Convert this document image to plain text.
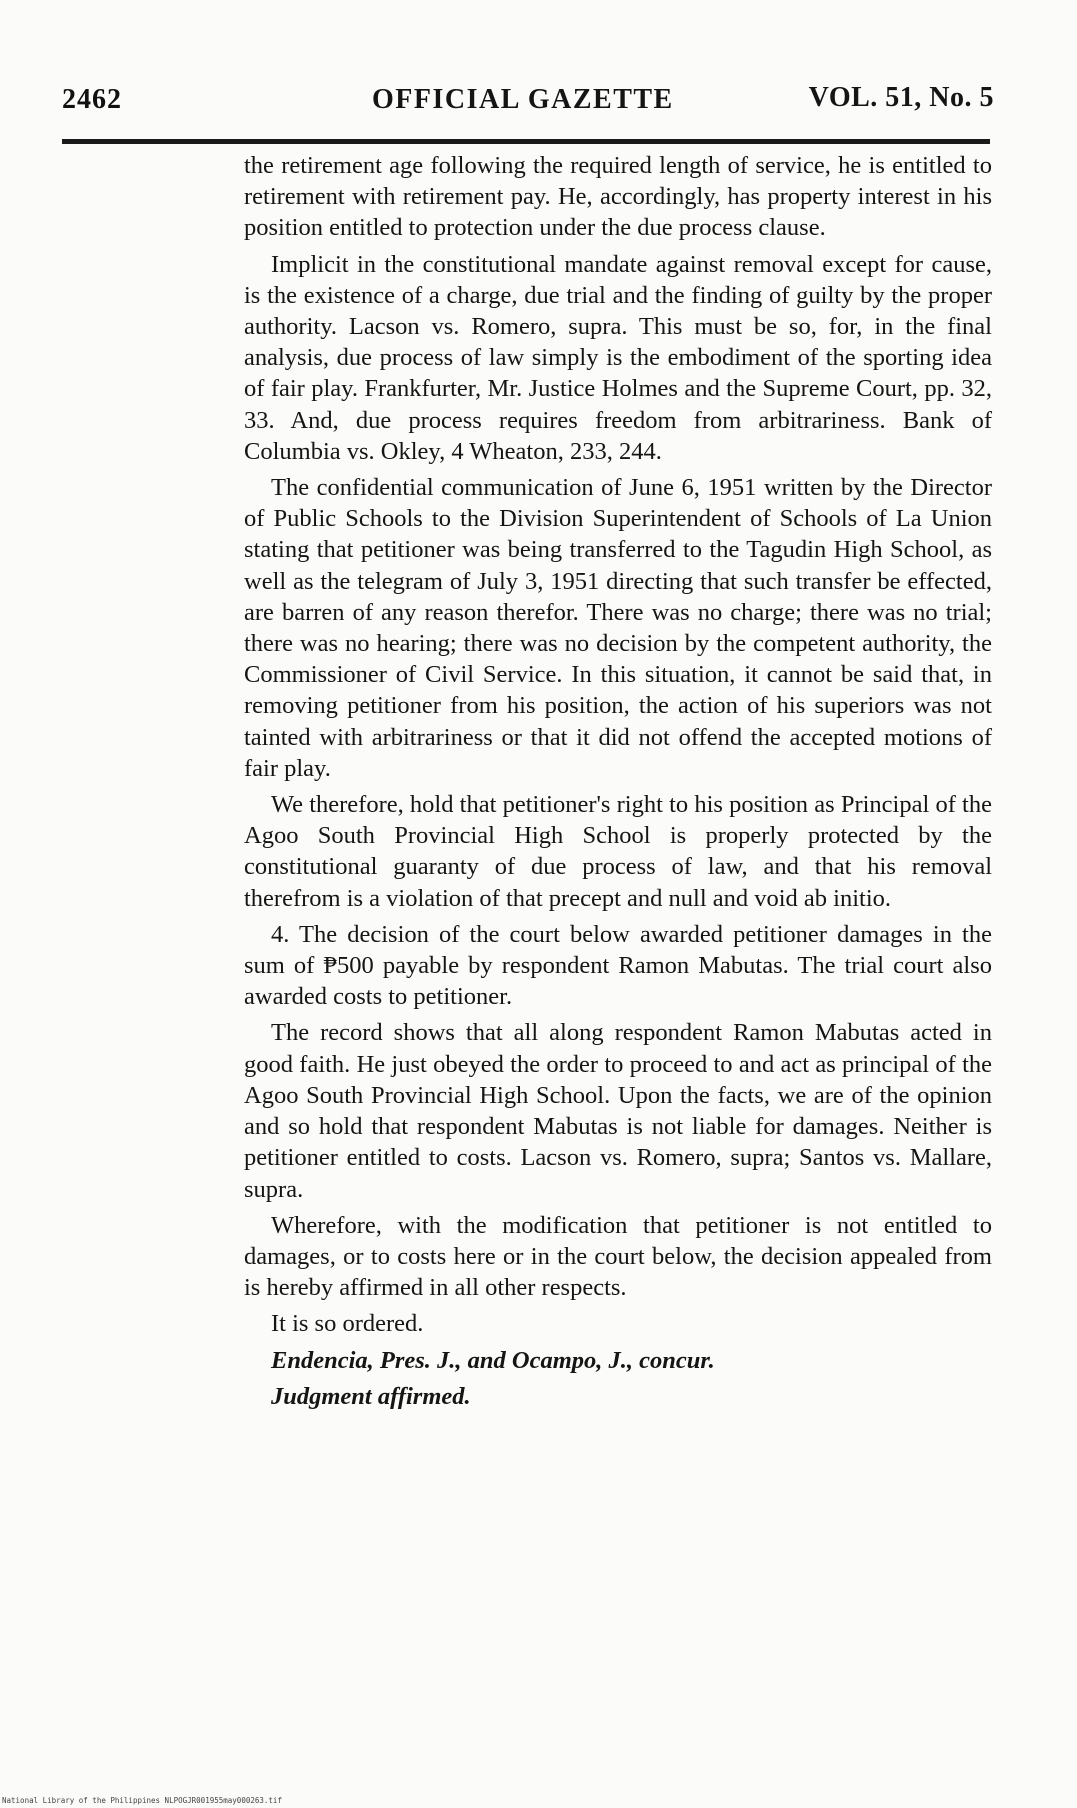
2462	OFFICIAL GAZETTE	VOL. 51, No. 5

the retirement age following the required length of service, he is entitled to retirement with retirement pay. He, accordingly, has property interest in his position entitled to protection under the due process clause.

Implicit in the constitutional mandate against removal except for cause, is the existence of a charge, due trial and the finding of guilty by the proper authority. Lacson vs. Romero, supra. This must be so, for, in the final analysis, due process of law simply is the embodiment of the sporting idea of fair play. Frankfurter, Mr. Justice Holmes and the Supreme Court, pp. 32, 33. And, due process requires freedom from arbitrariness. Bank of Columbia vs. Okley, 4 Wheaton, 233, 244.

The confidential communication of June 6, 1951 written by the Director of Public Schools to the Division Superintendent of Schools of La Union stating that petitioner was being transferred to the Tagudin High School, as well as the telegram of July 3, 1951 directing that such transfer be effected, are barren of any reason therefor. There was no charge; there was no trial; there was no hearing; there was no decision by the competent authority, the Commissioner of Civil Service. In this situation, it cannot be said that, in removing petitioner from his position, the action of his superiors was not tainted with arbitrariness or that it did not offend the accepted motions of fair play.

We therefore, hold that petitioner's right to his position as Principal of the Agoo South Provincial High School is properly protected by the constitutional guaranty of due process of law, and that his removal therefrom is a violation of that precept and null and void ab initio.

4. The decision of the court below awarded petitioner damages in the sum of ₱500 payable by respondent Ramon Mabutas. The trial court also awarded costs to petitioner.

The record shows that all along respondent Ramon Mabutas acted in good faith. He just obeyed the order to proceed to and act as principal of the Agoo South Provincial High School. Upon the facts, we are of the opinion and so hold that respondent Mabutas is not liable for damages. Neither is petitioner entitled to costs. Lacson vs. Romero, supra; Santos vs. Mallare, supra.

Wherefore, with the modification that petitioner is not entitled to damages, or to costs here or in the court below, the decision appealed from is hereby affirmed in all other respects.

It is so ordered.

Endencia, Pres. J., and Ocampo, J., concur.

Judgment affirmed.

National Library of the Philippines NLPOGJR001955may000263.tif
